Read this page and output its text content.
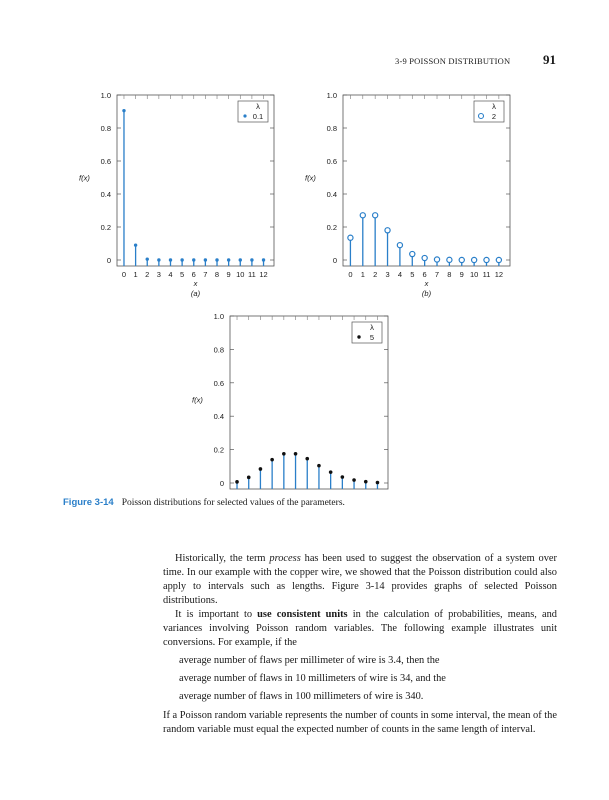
3-9 POISSON DISTRIBUTION	91
0
0.2
0.4
0.6
0.8
1.0
f(x)
0 1 2 3 4 5 6 7 8 9 10 11 12
x
(a)
λ
0.1
0
0.2
0.4
0.6
0.8
1.0
f(x)
0 1 2 3 4 5 6 7 8 9 10 11 12
x
(b)
λ
2
0
0.2
0.4
0.6
0.8
1.0
f(x)
λ
5
Figure 3-14 Poisson distributions for selected values of the parameters.

Historically, the term process has been used to suggest the observation of a system over time. In our example with the copper wire, we showed that the Poisson distribution could also apply to intervals such as lengths. Figure 3-14 provides graphs of selected Poisson distributions.

It is important to use consistent units in the calculation of probabilities, means, and variances involving Poisson random variables. The following example illustrates unit conversions. For example, if the

average number of flaws per millimeter of wire is 3.4, then the

average number of flaws in 10 millimeters of wire is 34, and the

average number of flaws in 100 millimeters of wire is 340.

If a Poisson random variable represents the number of counts in some interval, the mean of the random variable must equal the expected number of counts in the same length of interval.
